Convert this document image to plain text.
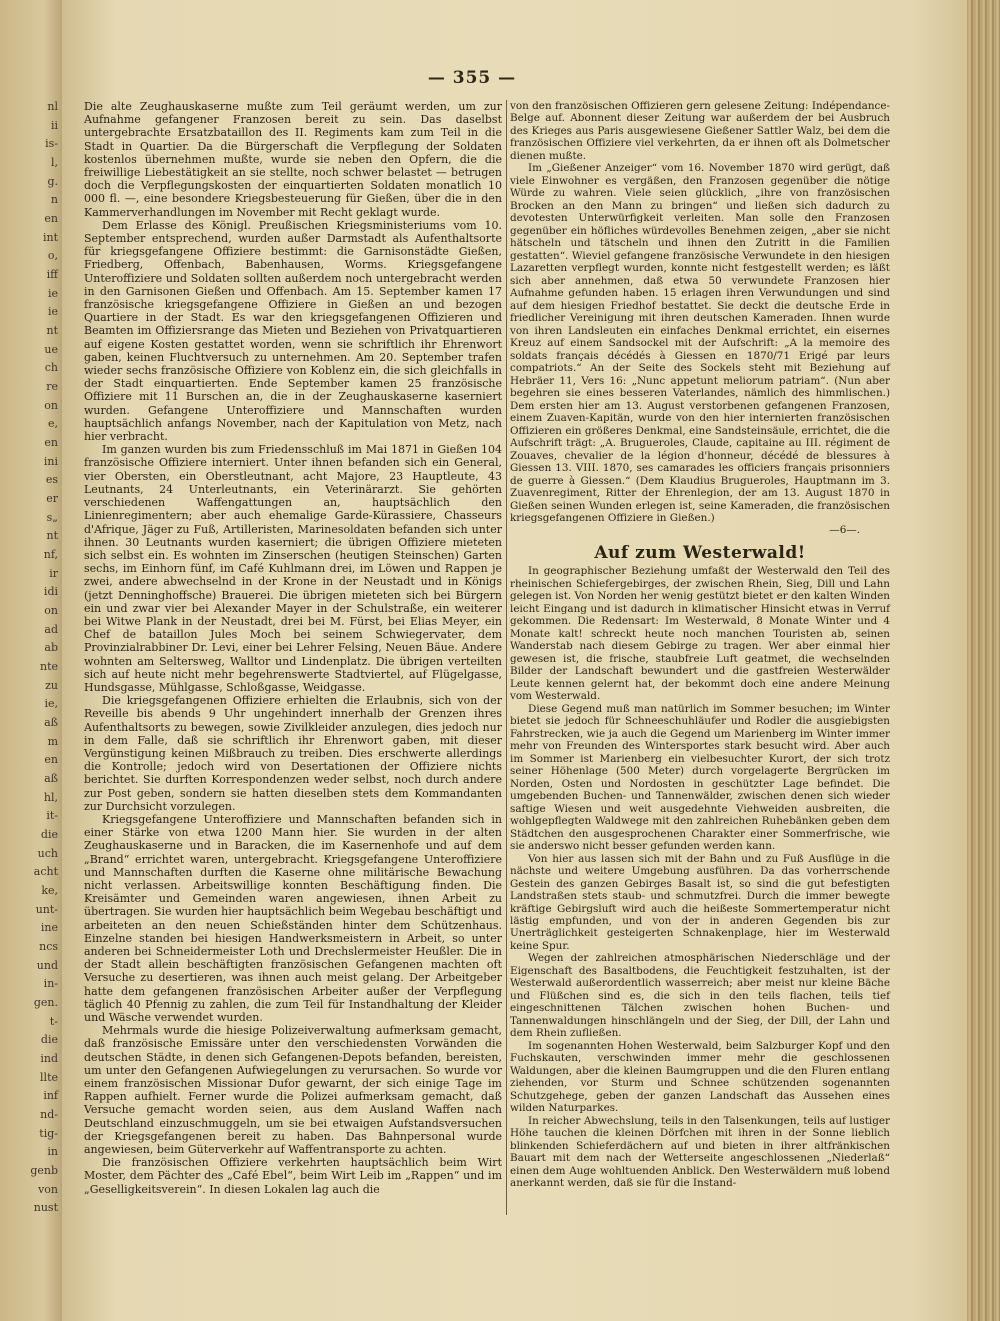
nl
ii
is-
l,
g.
n
en
int
o,
iff
ie
ie
nt
ue
ch
re
on
e,
en
ini
es
er
s„
nt
nf,
ir
idi
on
ad
ab
nte
zu
ie,
aß
m
en
aß
hl,
it-
die
uch
acht
ke,
unt-
ine
ncs
und
in-
gen.
t-
die
ind
llte
inf
nd-
tig-
in
genb
von
nust
— 355 —

Die alte Zeughauskaserne mußte zum Teil geräumt werden, um zur Aufnahme gefangener Franzosen bereit zu sein. Das daselbst untergebrachte Ersatzbataillon des II. Regiments kam zum Teil in die Stadt in Quartier. Da die Bürgerschaft die Verpflegung der Soldaten kostenlos übernehmen mußte, wurde sie neben den Opfern, die die freiwillige Liebestätigkeit an sie stellte, noch schwer belastet — betrugen doch die Verpflegungskosten der einquartierten Soldaten monatlich 10 000 fl. —, eine besondere Kriegsbesteuerung für Gießen, über die in den Kammerverhandlungen im November mit Recht geklagt wurde.

Dem Erlasse des Königl. Preußischen Kriegsministeriums vom 10. September entsprechend, wurden außer Darmstadt als Aufenthaltsorte für kriegsgefangene Offiziere bestimmt: die Garnisonstädte Gießen, Friedberg, Offenbach, Babenhausen, Worms. Kriegsgefangene Unteroffiziere und Soldaten sollten außerdem noch untergebracht werden in den Garnisonen Gießen und Offenbach. Am 15. September kamen 17 französische kriegsgefangene Offiziere in Gießen an und bezogen Quartiere in der Stadt. Es war den kriegsgefangenen Offizieren und Beamten im Offiziersrange das Mieten und Beziehen von Privatquartieren auf eigene Kosten gestattet worden, wenn sie schriftlich ihr Ehrenwort gaben, keinen Fluchtversuch zu unternehmen. Am 20. September trafen wieder sechs französische Offiziere von Koblenz ein, die sich gleichfalls in der Stadt einquartierten. Ende September kamen 25 französische Offiziere mit 11 Burschen an, die in der Zeughauskaserne kaserniert wurden. Gefangene Unteroffiziere und Mannschaften wurden hauptsächlich anfangs November, nach der Kapitulation von Metz, nach hier verbracht.

Im ganzen wurden bis zum Friedensschluß im Mai 1871 in Gießen 104 französische Offiziere interniert. Unter ihnen befanden sich ein General, vier Obersten, ein Oberstleutnant, acht Majore, 23 Hauptleute, 43 Leutnants, 24 Unterleutnants, ein Veterinärarzt. Sie gehörten verschiedenen Waffengattungen an, hauptsächlich den Linienregimentern; aber auch ehemalige Garde-Kürassiere, Chasseurs d'Afrique, Jäger zu Fuß, Artilleristen, Marinesoldaten befanden sich unter ihnen. 30 Leutnants wurden kaserniert; die übrigen Offiziere mieteten sich selbst ein. Es wohnten im Zinserschen (heutigen Steinschen) Garten sechs, im Einhorn fünf, im Café Kuhlmann drei, im Löwen und Rappen je zwei, andere abwechselnd in der Krone in der Neustadt und in Königs (jetzt Denninghoffsche) Brauerei. Die übrigen mieteten sich bei Bürgern ein und zwar vier bei Alexander Mayer in der Schulstraße, ein weiterer bei Witwe Plank in der Neustadt, drei bei M. Fürst, bei Elias Meyer, ein Chef de bataillon Jules Moch bei seinem Schwiegervater, dem Provinzialrabbiner Dr. Levi, einer bei Lehrer Felsing, Neuen Bäue. Andere wohnten am Seltersweg, Walltor und Lindenplatz. Die übrigen verteilten sich auf heute nicht mehr begehrenswerte Stadtviertel, auf Flügelgasse, Hundsgasse, Mühlgasse, Schloßgasse, Weidgasse.

Die kriegsgefangenen Offiziere erhielten die Erlaubnis, sich von der Reveille bis abends 9 Uhr ungehindert innerhalb der Grenzen ihres Aufenthaltsorts zu bewegen, sowie Zivilkleider anzulegen, dies jedoch nur in dem Falle, daß sie schriftlich ihr Ehrenwort gaben, mit dieser Vergünstigung keinen Mißbrauch zu treiben. Dies erschwerte allerdings die Kontrolle; jedoch wird von Desertationen der Offiziere nichts berichtet. Sie durften Korrespondenzen weder selbst, noch durch andere zur Post geben, sondern sie hatten dieselben stets dem Kommandanten zur Durchsicht vorzulegen.

Kriegsgefangene Unteroffiziere und Mannschaften befanden sich in einer Stärke von etwa 1200 Mann hier. Sie wurden in der alten Zeughauskaserne und in Baracken, die im Kasernenhofe und auf dem „Brand“ errichtet waren, untergebracht. Kriegsgefangene Unteroffiziere und Mannschaften durften die Kaserne ohne militärische Bewachung nicht verlassen. Arbeitswillige konnten Beschäftigung finden. Die Kreisämter und Gemeinden waren angewiesen, ihnen Arbeit zu übertragen. Sie wurden hier hauptsächlich beim Wegebau beschäftigt und arbeiteten an den neuen Schießständen hinter dem Schützenhaus. Einzelne standen bei hiesigen Handwerksmeistern in Arbeit, so unter anderen bei Schneidermeister Loth und Drechslermeister Heußler. Die in der Stadt allein beschäftigten französischen Gefangenen machten oft Versuche zu desertieren, was ihnen auch meist gelang. Der Arbeitgeber hatte dem gefangenen französischen Arbeiter außer der Verpflegung täglich 40 Pfennig zu zahlen, die zum Teil für Instandhaltung der Kleider und Wäsche verwendet wurden.

Mehrmals wurde die hiesige Polizeiverwaltung aufmerksam gemacht, daß französische Emissäre unter den verschiedensten Vorwänden die deutschen Städte, in denen sich Gefangenen-Depots befanden, bereisten, um unter den Gefangenen Aufwiegelungen zu verursachen. So wurde vor einem französischen Missionar Dufor gewarnt, der sich einige Tage im Rappen aufhielt. Ferner wurde die Polizei aufmerksam gemacht, daß Versuche gemacht worden seien, aus dem Ausland Waffen nach Deutschland einzuschmuggeln, um sie bei etwaigen Aufstandsversuchen der Kriegsgefangenen bereit zu haben. Das Bahnpersonal wurde angewiesen, beim Güterverkehr auf Waffentransporte zu achten.

Die französischen Offiziere verkehrten hauptsächlich beim Wirt Moster, dem Pächter des „Café Ebel“, beim Wirt Leib im „Rappen“ und im „Geselligkeitsverein“. In diesen Lokalen lag auch die

von den französischen Offizieren gern gelesene Zeitung: Indépendance-Belge auf. Abonnent dieser Zeitung war außerdem der bei Ausbruch des Krieges aus Paris ausgewiesene Gießener Sattler Walz, bei dem die französischen Offiziere viel verkehrten, da er ihnen oft als Dolmetscher dienen mußte.

Im „Gießener Anzeiger“ vom 16. November 1870 wird gerügt, daß viele Einwohner es vergäßen, den Franzosen gegenüber die nötige Würde zu wahren. Viele seien glücklich, „ihre von französischen Brocken an den Mann zu bringen“ und ließen sich dadurch zu devotesten Unterwürfigkeit verleiten. Man solle den Franzosen gegenüber ein höfliches würdevolles Benehmen zeigen, „aber sie nicht hätscheln und tätscheln und ihnen den Zutritt in die Familien gestatten“. Wieviel gefangene französische Verwundete in den hiesigen Lazaretten verpflegt wurden, konnte nicht festgestellt werden; es läßt sich aber annehmen, daß etwa 50 verwundete Franzosen hier Aufnahme gefunden haben. 15 erlagen ihren Verwundungen und sind auf dem hiesigen Friedhof bestattet. Sie deckt die deutsche Erde in friedlicher Vereinigung mit ihren deutschen Kameraden. Ihnen wurde von ihren Landsleuten ein einfaches Denkmal errichtet, ein eisernes Kreuz auf einem Sandsockel mit der Aufschrift: „A la memoire des soldats français décédés à Giessen en 1870/71 Erigé par leurs compatriots.“ An der Seite des Sockels steht mit Beziehung auf Hebräer 11, Vers 16: „Nunc appetunt meliorum patriam“. (Nun aber begehren sie eines besseren Vaterlandes, nämlich des himmlischen.) Dem ersten hier am 13. August verstorbenen gefangenen Franzosen, einem Zuaven-Kapitän, wurde von den hier internierten französischen Offizieren ein größeres Denkmal, eine Sandsteinsäule, errichtet, die die Aufschrift trägt: „A. Brugueroles, Claude, capitaine au III. régiment de Zouaves, chevalier de la légion d'honneur, décédé de blessures à Giessen 13. VIII. 1870, ses camarades les officiers français prisonniers de guerre à Giessen.“ (Dem Klaudius Brugueroles, Hauptmann im 3. Zuavenregiment, Ritter der Ehrenlegion, der am 13. August 1870 in Gießen seinen Wunden erlegen ist, seine Kameraden, die französischen kriegsgefangenen Offiziere in Gießen.)

—6—.
Auf zum Westerwald!

In geographischer Beziehung umfaßt der Westerwald den Teil des rheinischen Schiefergebirges, der zwischen Rhein, Sieg, Dill und Lahn gelegen ist. Von Norden her wenig gestützt bietet er den kalten Winden leicht Eingang und ist dadurch in klimatischer Hinsicht etwas in Verruf gekommen. Die Redensart: Im Westerwald, 8 Monate Winter und 4 Monate kalt! schreckt heute noch manchen Touristen ab, seinen Wanderstab nach diesem Gebirge zu tragen. Wer aber einmal hier gewesen ist, die frische, staubfreie Luft geatmet, die wechselnden Bilder der Landschaft bewundert und die gastfreien Westerwälder Leute kennen gelernt hat, der bekommt doch eine andere Meinung vom Westerwald.

Diese Gegend muß man natürlich im Sommer besuchen; im Winter bietet sie jedoch für Schneeschuhläufer und Rodler die ausgiebigsten Fahrstrecken, wie ja auch die Gegend um Marienberg im Winter immer mehr von Freunden des Wintersportes stark besucht wird. Aber auch im Sommer ist Marienberg ein vielbesuchter Kurort, der sich trotz seiner Höhenlage (500 Meter) durch vorgelagerte Bergrücken im Norden, Osten und Nordosten in geschützter Lage befindet. Die umgebenden Buchen- und Tannenwälder, zwischen denen sich wieder saftige Wiesen und weit ausgedehnte Viehweiden ausbreiten, die wohlgepflegten Waldwege mit den zahlreichen Ruhebänken geben dem Städtchen den ausgesprochenen Charakter einer Sommerfrische, wie sie anderswo nicht besser gefunden werden kann.

Von hier aus lassen sich mit der Bahn und zu Fuß Ausflüge in die nächste und weitere Umgebung ausführen. Da das vorherrschende Gestein des ganzen Gebirges Basalt ist, so sind die gut befestigten Landstraßen stets staub- und schmutzfrei. Durch die immer bewegte kräftige Gebirgsluft wird auch die heißeste Sommertemperatur nicht lästig empfunden, und von der in anderen Gegenden bis zur Unerträglichkeit gesteigerten Schnakenplage, hier im Westerwald keine Spur.

Wegen der zahlreichen atmosphärischen Niederschläge und der Eigenschaft des Basaltbodens, die Feuchtigkeit festzuhalten, ist der Westerwald außerordentlich wasserreich; aber meist nur kleine Bäche und Flüßchen sind es, die sich in den teils flachen, teils tief eingeschnittenen Tälchen zwischen hohen Buchen- und Tannenwaldungen hinschlängeln und der Sieg, der Dill, der Lahn und dem Rhein zufließen.

Im sogenannten Hohen Westerwald, beim Salzburger Kopf und den Fuchskauten, verschwinden immer mehr die geschlossenen Waldungen, aber die kleinen Baumgruppen und die den Fluren entlang ziehenden, vor Sturm und Schnee schützenden sogenannten Schutzgehege, geben der ganzen Landschaft das Aussehen eines wilden Naturparkes.

In reicher Abwechslung, teils in den Talsenkungen, teils auf lustiger Höhe tauchen die kleinen Dörfchen mit ihren in der Sonne lieblich blinkenden Schieferdächern auf und bieten in ihrer altfränkischen Bauart mit dem nach der Wetterseite angeschlossenen „Niederlaß“ einen dem Auge wohltuenden Anblick. Den Westerwäldern muß lobend anerkannt werden, daß sie für die Instand-
